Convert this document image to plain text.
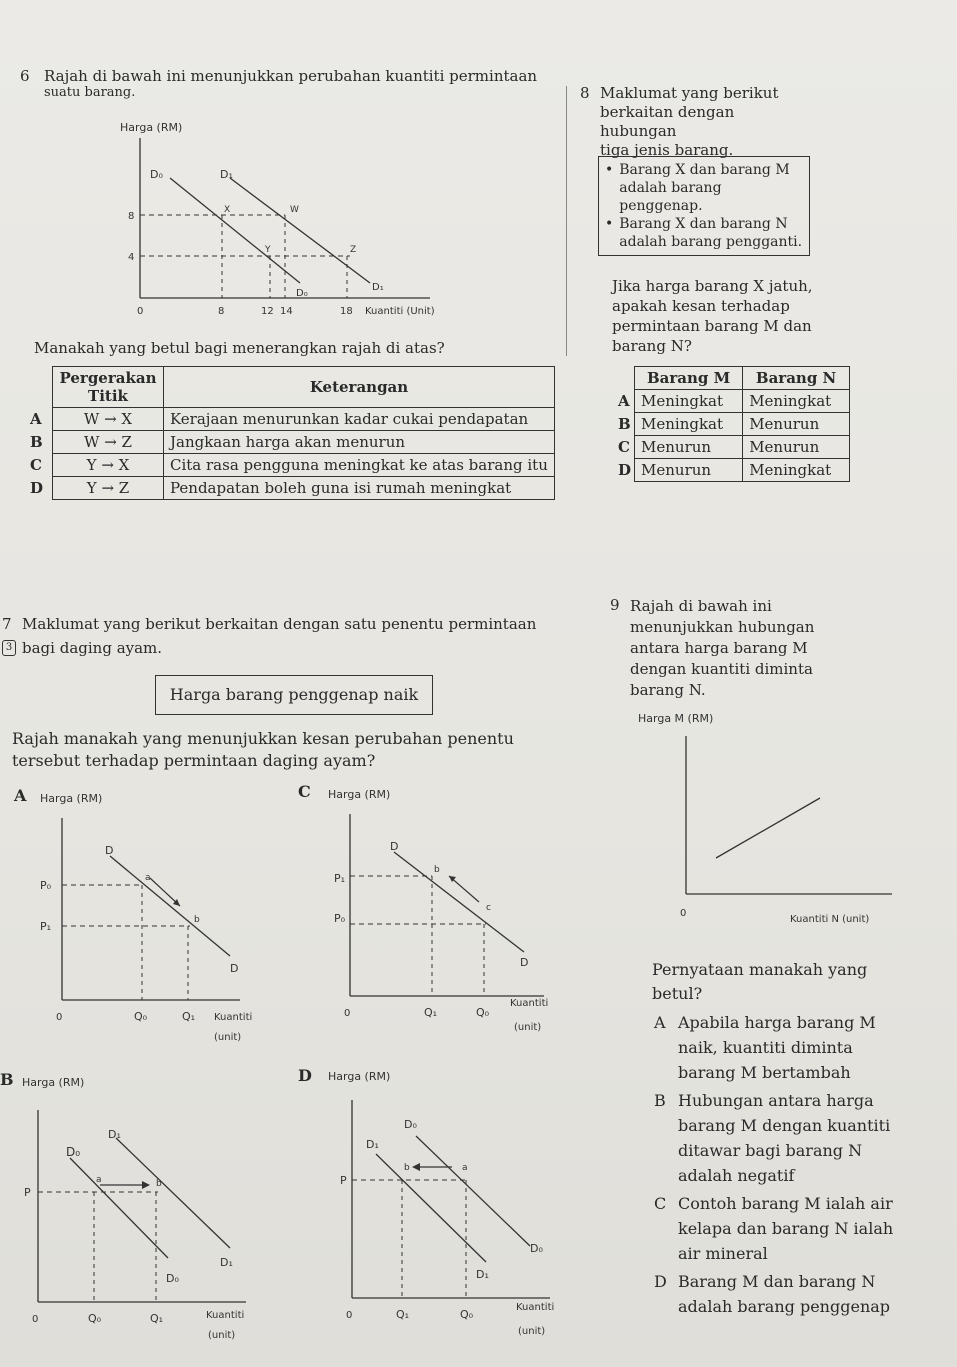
6 Rajah di bawah ini menunjukkan perubahan kuantiti permintaan
suatu barang.
Harga (RM)
Kuantiti (Unit)
D₀	D₁
D₀
D₁
8
4
0	8	12 14	18
X	W
Y	Z
Manakah yang betul bagi menerangkan rajah di atas?
	Pergerakan Titik	Keterangan
A	W → X	Kerajaan menurunkan kadar cukai pendapatan
B	W → Z	Jangkaan harga akan menurun
C	Y → X	Cita rasa pengguna meningkat ke atas barang itu
D	Y → Z	Pendapatan boleh guna isi rumah meningkat
7 Maklumat yang berikut berkaitan dengan satu penentu permintaan
3 bagi daging ayam.
Harga barang penggenap naik
Rajah manakah yang menunjukkan kesan perubahan penentu
tersebut terhadap permintaan daging ayam?
A Harga (RM)
D
D
a
b
P₀
P₁
0	Q₀	Q₁ Kuantiti
(unit)
C Harga (RM)
D
D
b
c
P₁
P₀
0	Q₁	Q₀
Kuantiti
(unit)
B Harga (RM)
D₀
D₁
D₀
D₁
a	b
P
0	Q₀	Q₁	Kuantiti
(unit)
D Harga (RM)
D₀
D₁
D₁
D₀
b	a
P
0	Q₁	Q₀
Kuantiti
(unit)
8 Maklumat yang berikut
berkaitan dengan hubungan
tiga jenis barang.
• Barang X dan barang M adalah barang penggenap.
• Barang X dan barang N adalah barang pengganti.
Jika harga barang X jatuh, apakah kesan terhadap permintaan barang M dan barang N?
	Barang M	Barang N
A	Meningkat	Meningkat
B	Meningkat	Menurun
C	Menurun	Menurun
D	Menurun	Meningkat
9 Rajah di bawah ini menunjukkan hubungan antara harga barang M dengan kuantiti diminta barang N.
Harga M (RM)
0
Kuantiti N (unit)
Pernyataan manakah yang betul?
A Apabila harga barang M naik, kuantiti diminta barang M bertambah
B Hubungan antara harga barang M dengan kuantiti ditawar bagi barang N adalah negatif
C Contoh barang M ialah air kelapa dan barang N ialah air mineral
D Barang M dan barang N adalah barang penggenap
